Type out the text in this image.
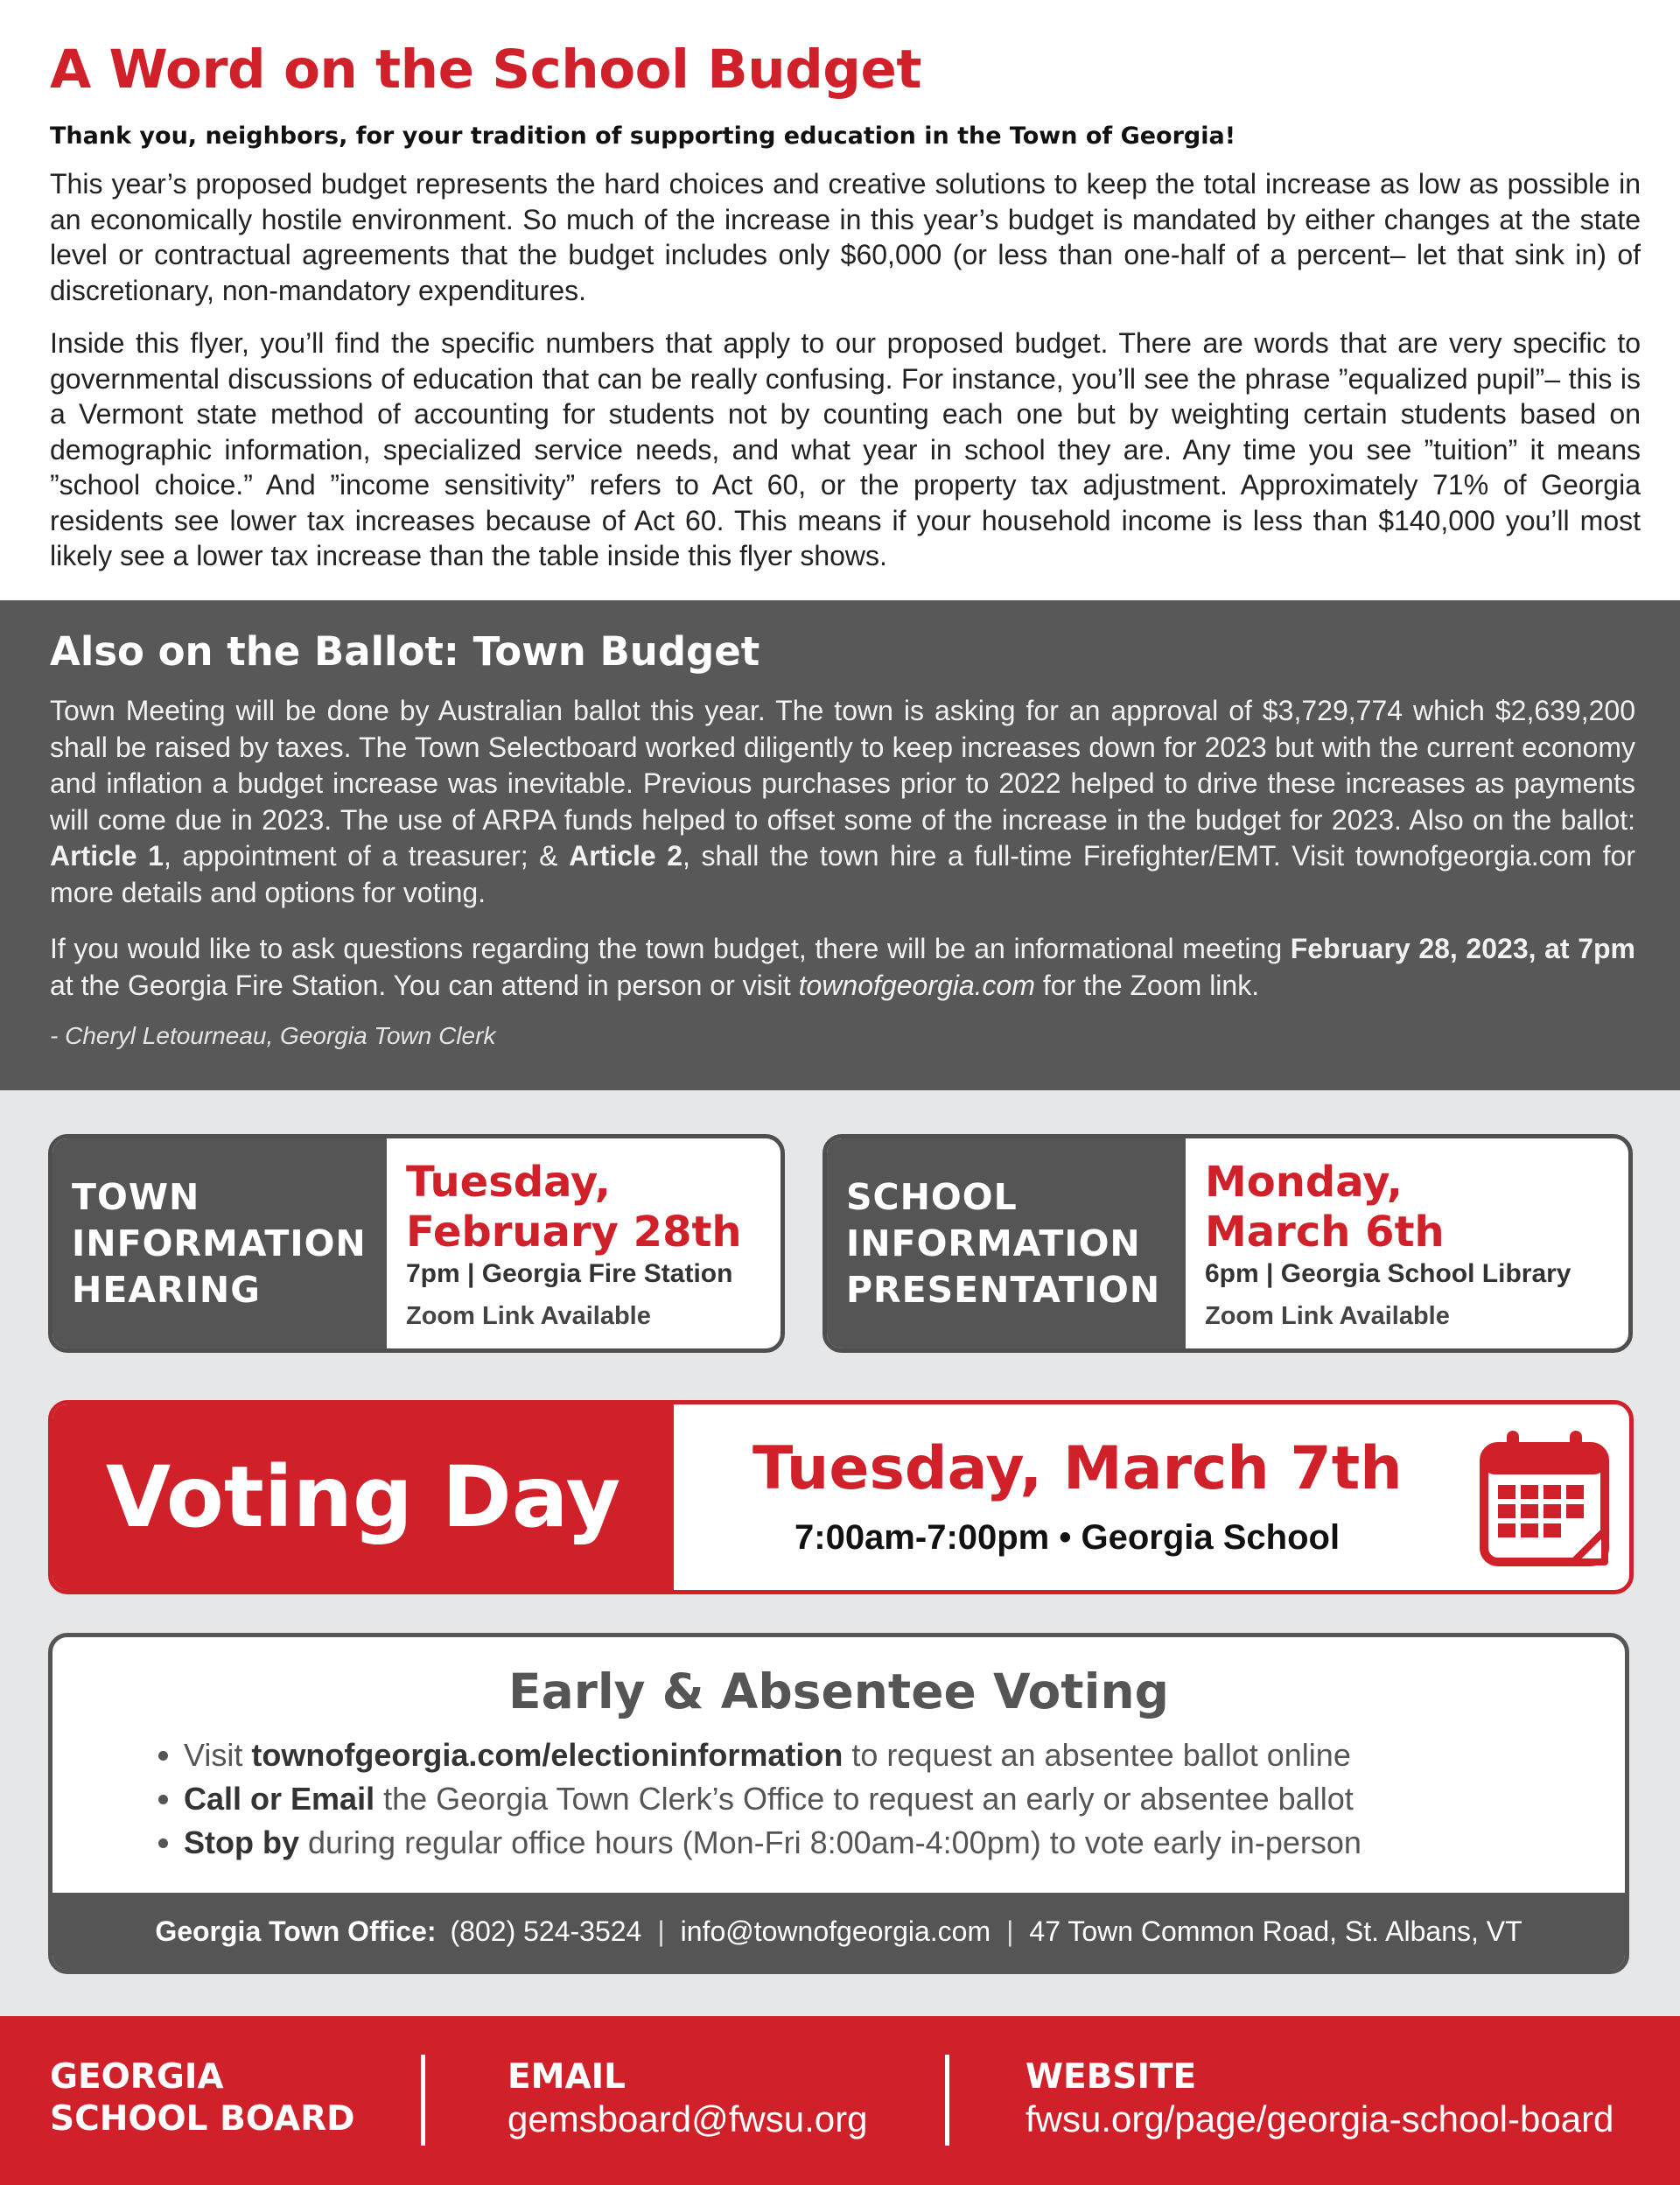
A Word on the School Budget

Thank you, neighbors, for your tradition of supporting education in the Town of Georgia!

This year’s proposed budget represents the hard choices and creative solutions to keep the total increase as low as possible in an economically hostile environment. So much of the increase in this year’s budget is mandated by either changes at the state level or contractual agreements that the budget includes only $60,000 (or less than one-half of a percent– let that sink in) of discretionary, non-mandatory expenditures.

Inside this flyer, you’ll find the specific numbers that apply to our proposed budget. There are words that are very specific to governmental discussions of education that can be really confusing. For instance, you’ll see the phrase ”equalized pupil”– this is a Vermont state method of accounting for students not by counting each one but by weighting certain students based on demographic information, specialized service needs, and what year in school they are. Any time you see ”tuition” it means ”school choice.” And ”income sensitivity” refers to Act 60, or the property tax adjustment. Approximately 71% of Georgia residents see lower tax increases because of Act 60. This means if your household income is less than $140,000 you’ll most likely see a lower tax increase than the table inside this flyer shows.

Also on the Ballot: Town Budget

Town Meeting will be done by Australian ballot this year. The town is asking for an approval of $3,729,774 which $2,639,200 shall be raised by taxes. The Town Selectboard worked diligently to keep increases down for 2023 but with the current economy and inflation a budget increase was inevitable. Previous purchases prior to 2022 helped to drive these increases as payments will come due in 2023. The use of ARPA funds helped to offset some of the increase in the budget for 2023. Also on the ballot: Article 1, appointment of a treasurer; & Article 2, shall the town hire a full-time Firefighter/EMT. Visit townofgeorgia.com for more details and options for voting.

If you would like to ask questions regarding the town budget, there will be an informational meeting February 28, 2023, at 7pm at the Georgia Fire Station. You can attend in person or visit townofgeorgia.com for the Zoom link.

- Cheryl Letourneau, Georgia Town Clerk

TOWN
INFORMATION
HEARING

Tuesday,
February 28th

7pm | Georgia Fire Station

Zoom Link Available

SCHOOL
INFORMATION
PRESENTATION

Monday,
March 6th

6pm | Georgia School Library

Zoom Link Available

Voting Day	Tuesday, March 7th

7:00am-7:00pm • Georgia School

Early & Absentee Voting
• Visit townofgeorgia.com/electioninformation to request an absentee ballot online
• Call or Email the Georgia Town Clerk’s Office to request an early or absentee ballot
• Stop by during regular office hours (Mon-Fri 8:00am-4:00pm) to vote early in-person
Georgia Town Office: (802) 524-3524 | info@townofgeorgia.com | 47 Town Common Road, St. Albans, VT

GEORGIA

SCHOOL BOARD

EMAIL

gemsboard@fwsu.org

WEBSITE

fwsu.org/page/georgia-school-board
